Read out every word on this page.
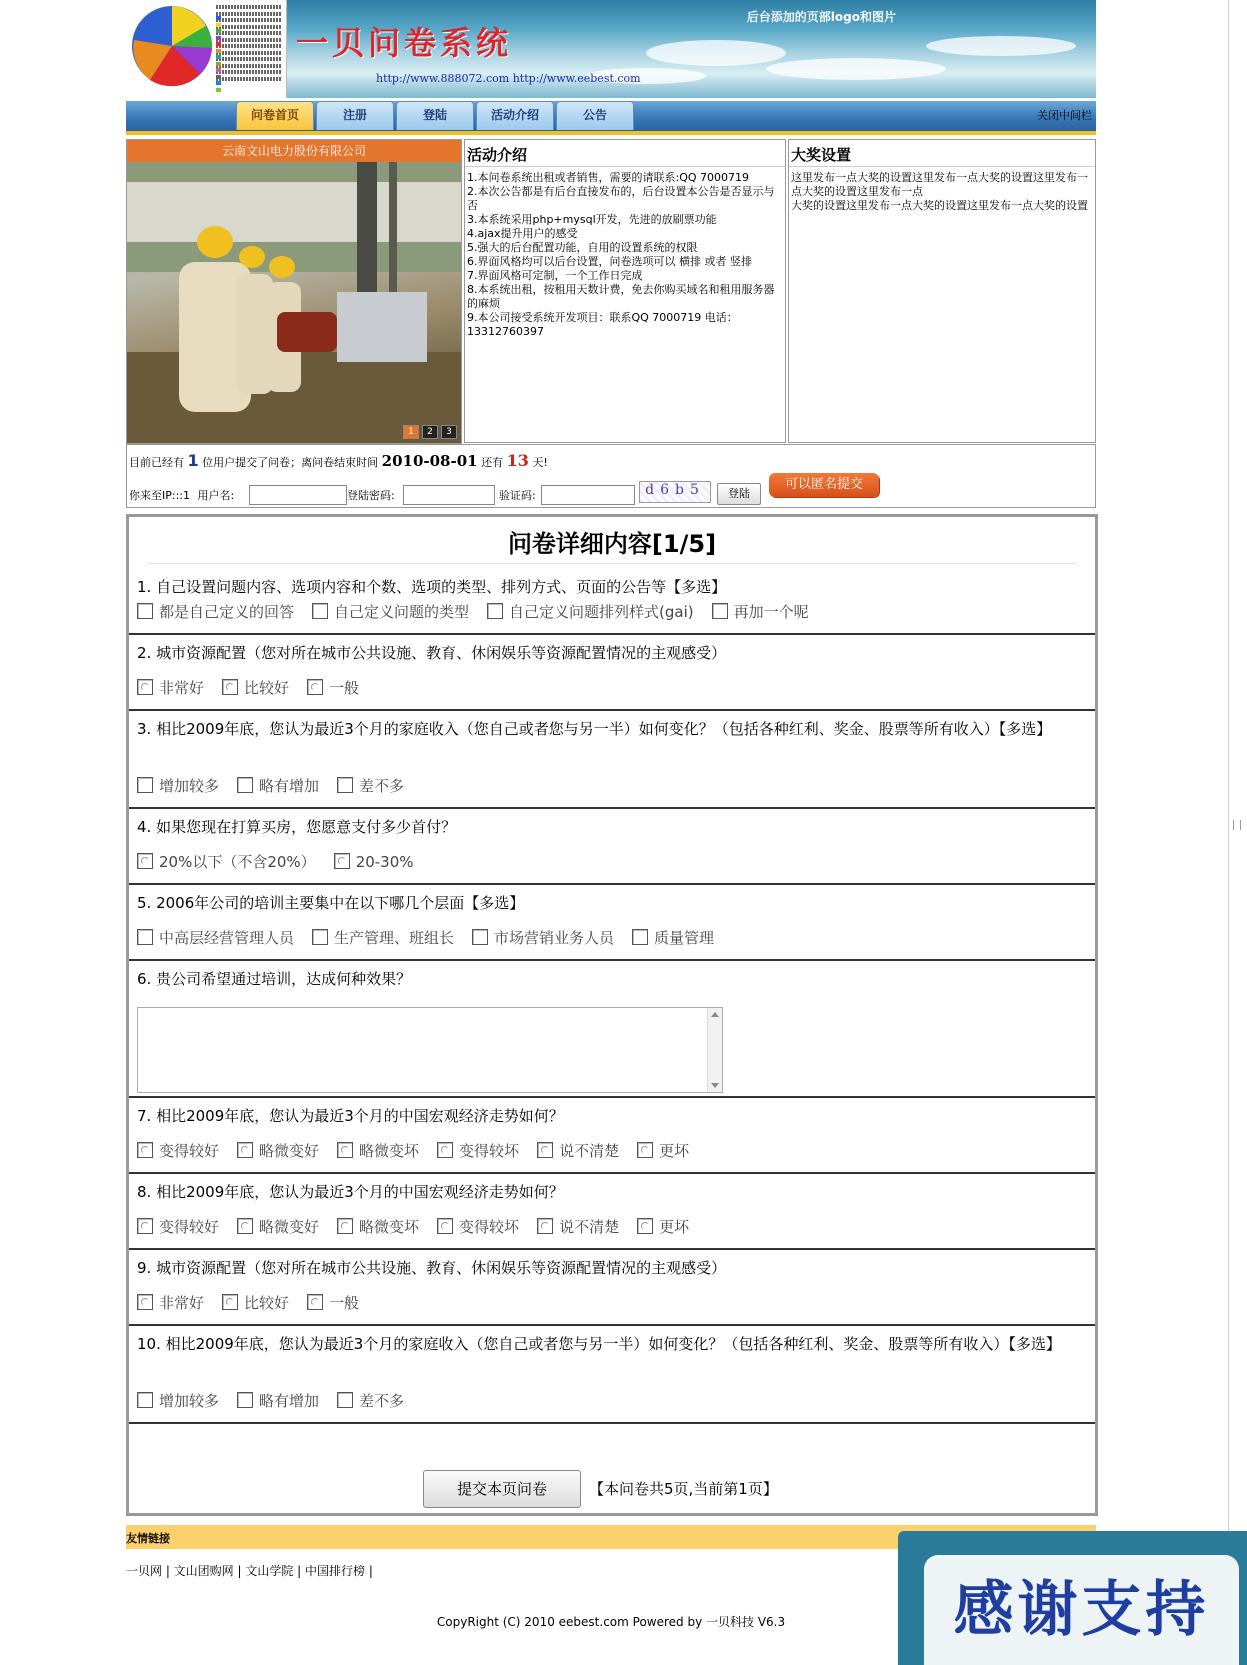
一贝问卷系统
http://www.888072.com http://www.eebest.com
后台添加的页部logo和图片
问卷首页	注册	登陆	活动介绍	公告	关闭中间栏
云南文山电力股份有限公司
1 2 3
活动介绍
1.本问卷系统出租或者销售，需要的请联系:QQ 7000719
2.本次公告都是有后台直接发布的，后台设置本公告是否显示与否
3.本系统采用php+mysql开发，先进的放刷票功能
4.ajax提升用户的感受
5.强大的后台配置功能，自用的设置系统的权限
6.界面风格均可以后台设置，问卷选项可以 横排 或者 竖排
7.界面风格可定制，一个工作日完成
8.本系统出租，按租用天数计费，免去你购买域名和租用服务器的麻烦
9.本公司接受系统开发项目：联系QQ 7000719 电话：13312760397
大奖设置
这里发布一点大奖的设置这里发布一点大奖的设置这里发布一点大奖的设置这里发布一点
大奖的设置这里发布一点大奖的设置这里发布一点大奖的设置
目前已经有 1 位用户提交了问卷；离问卷结束时间 2010-08-01 还有 13 天!
你来至IP:::1 用户名:	登陆密码:	验证码:	d6b5	登陆
可以匿名提交
问卷详细内容[1/5]
1. 自己设置问题内容、选项内容和个数、选项的类型、排列方式、页面的公告等【多选】
都是自己定义的回答	自己定义问题的类型	自己定义问题排列样式(gai)	再加一个呢
2. 城市资源配置（您对所在城市公共设施、教育、休闲娱乐等资源配置情况的主观感受）
非常好	比较好	一般
3. 相比2009年底，您认为最近3个月的家庭收入（您自己或者您与另一半）如何变化？（包括各种红利、奖金、股票等所有收入）【多选】
增加较多	略有增加	差不多
4. 如果您现在打算买房，您愿意支付多少首付？
20%以下（不含20%）	20-30%
5. 2006年公司的培训主要集中在以下哪几个层面【多选】
中高层经营管理人员	生产管理、班组长	市场营销业务人员	质量管理
6. 贵公司希望通过培训，达成何种效果？
7. 相比2009年底，您认为最近3个月的中国宏观经济走势如何？
变得较好	略微变好	略微变坏	变得较坏	说不清楚	更坏
8. 相比2009年底，您认为最近3个月的中国宏观经济走势如何？
变得较好	略微变好	略微变坏	变得较坏	说不清楚	更坏
9. 城市资源配置（您对所在城市公共设施、教育、休闲娱乐等资源配置情况的主观感受）
非常好	比较好	一般
10. 相比2009年底，您认为最近3个月的家庭收入（您自己或者您与另一半）如何变化？（包括各种红利、奖金、股票等所有收入）【多选】
增加较多	略有增加	差不多
提交本页问卷	【本问卷共5页,当前第1页】
友情链接
一贝网 | 文山团购网 | 文山学院 | 中国排行榜 |
CopyRight (C) 2010 eebest.com Powered by 一贝科技 V6.3	感谢支持
